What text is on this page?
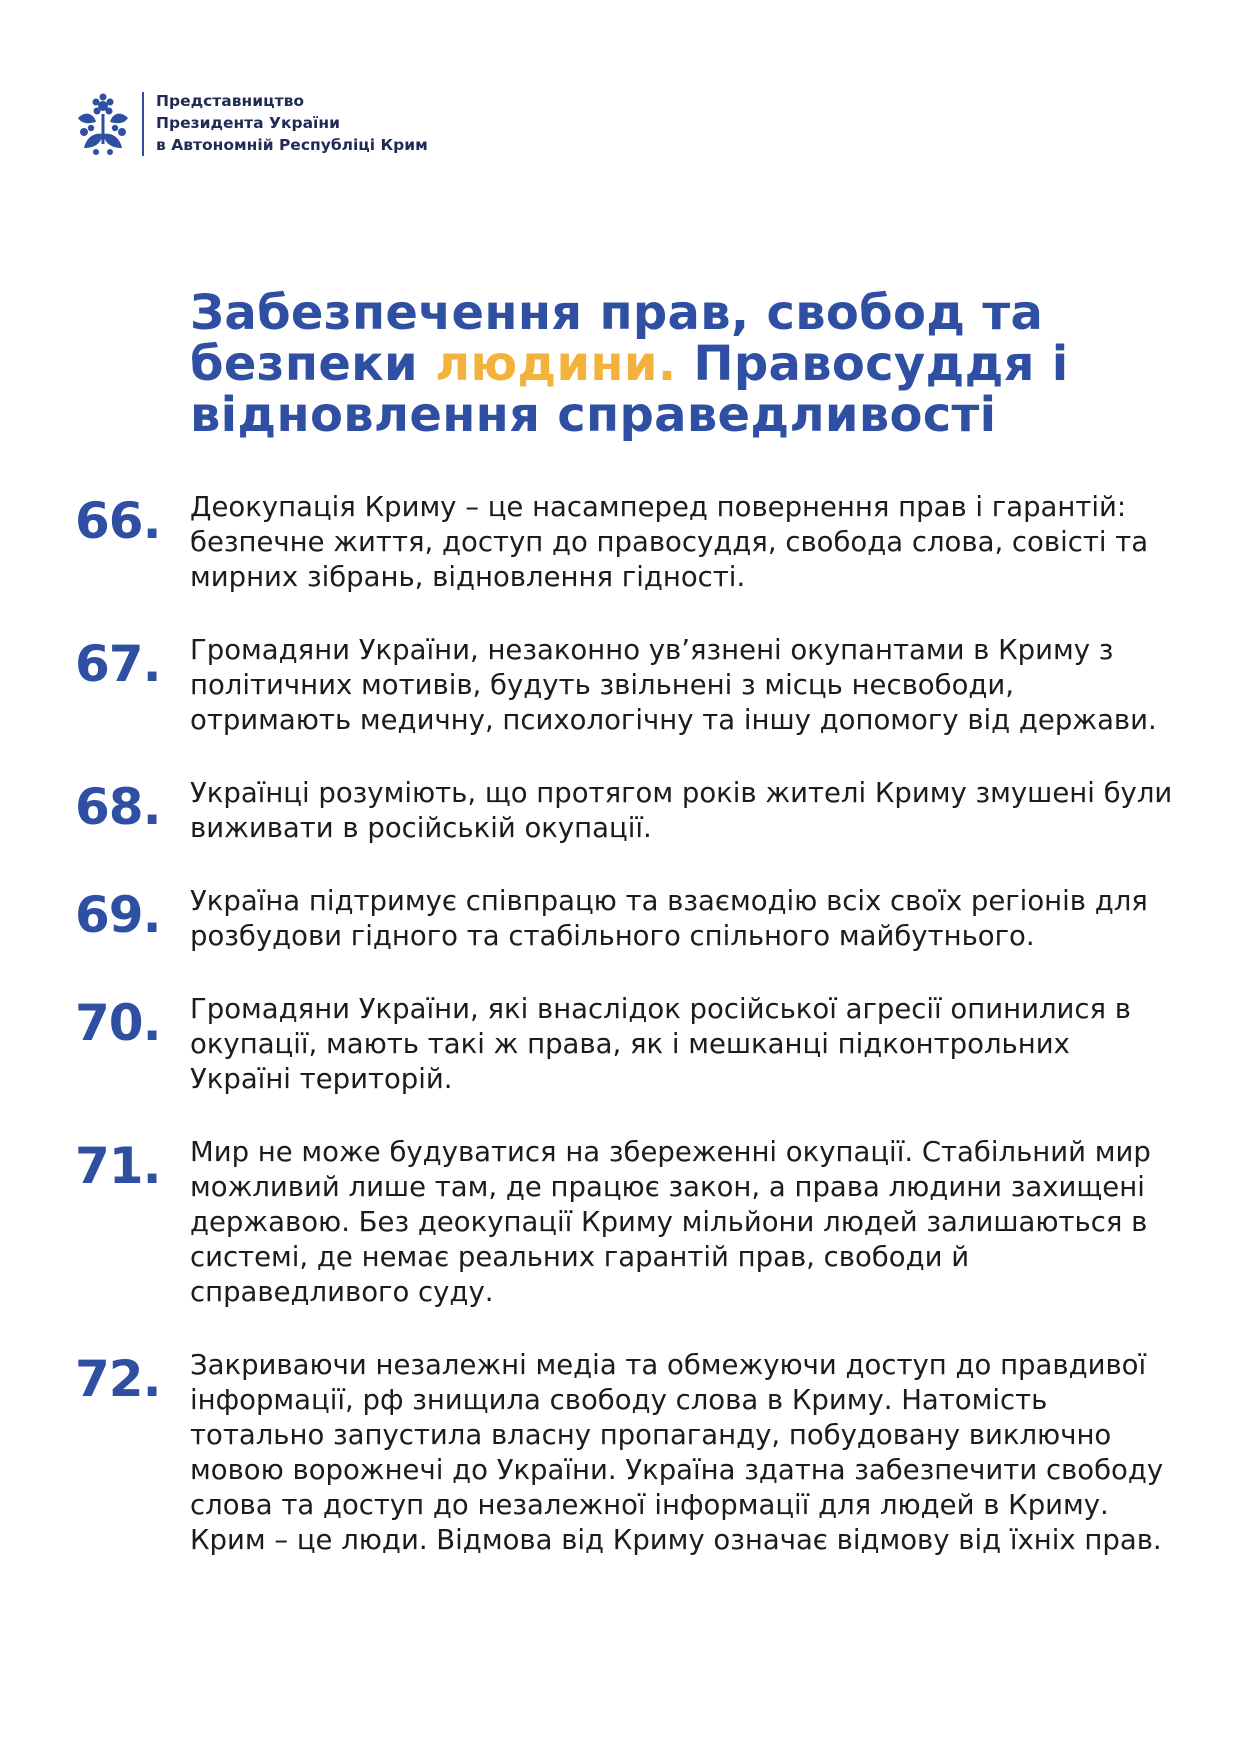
Представництво
Президента України
в Автономній Республіці Крим
Забезпечення прав, свобод та безпеки людини. Правосуддя і відновлення справедливості
66.	Деокупація Криму – це насамперед повернення прав і гарантій: безпечне життя, доступ до правосуддя, свобода слова, совісті та мирних зібрань, відновлення гідності.

67.	Громадяни України, незаконно ув’язнені окупантами в Криму з політичних мотивів, будуть звільнені з місць несвободи, отримають медичну, психологічну та іншу допомогу від держави.

68.	Українці розуміють, що протягом років жителі Криму змушені були виживати в російській окупації.

69.	Україна підтримує співпрацю та взаємодію всіх своїх регіонів для розбудови гідного та стабільного спільного майбутнього.

70.	Громадяни України, які внаслідок російської агресії опинилися в окупації, мають такі ж права, як і мешканці підконтрольних Україні територій.

71.	Мир не може будуватися на збереженні окупації. Стабільний мир можливий лише там, де працює закон, а права людини захищені державою. Без деокупації Криму мільйони людей залишаються в системі, де немає реальних гарантій прав, свободи й справедливого суду.

72.	Закриваючи незалежні медіа та обмежуючи доступ до правдивої інформації, рф знищила свободу слова в Криму. Натомість тотально запустила власну пропаганду, побудовану виключно мовою ворожнечі до України. Україна здатна забезпечити свободу слова та доступ до незалежної інформації для людей в Криму. Крим – це люди. Відмова від Криму означає відмову від їхніх прав.
